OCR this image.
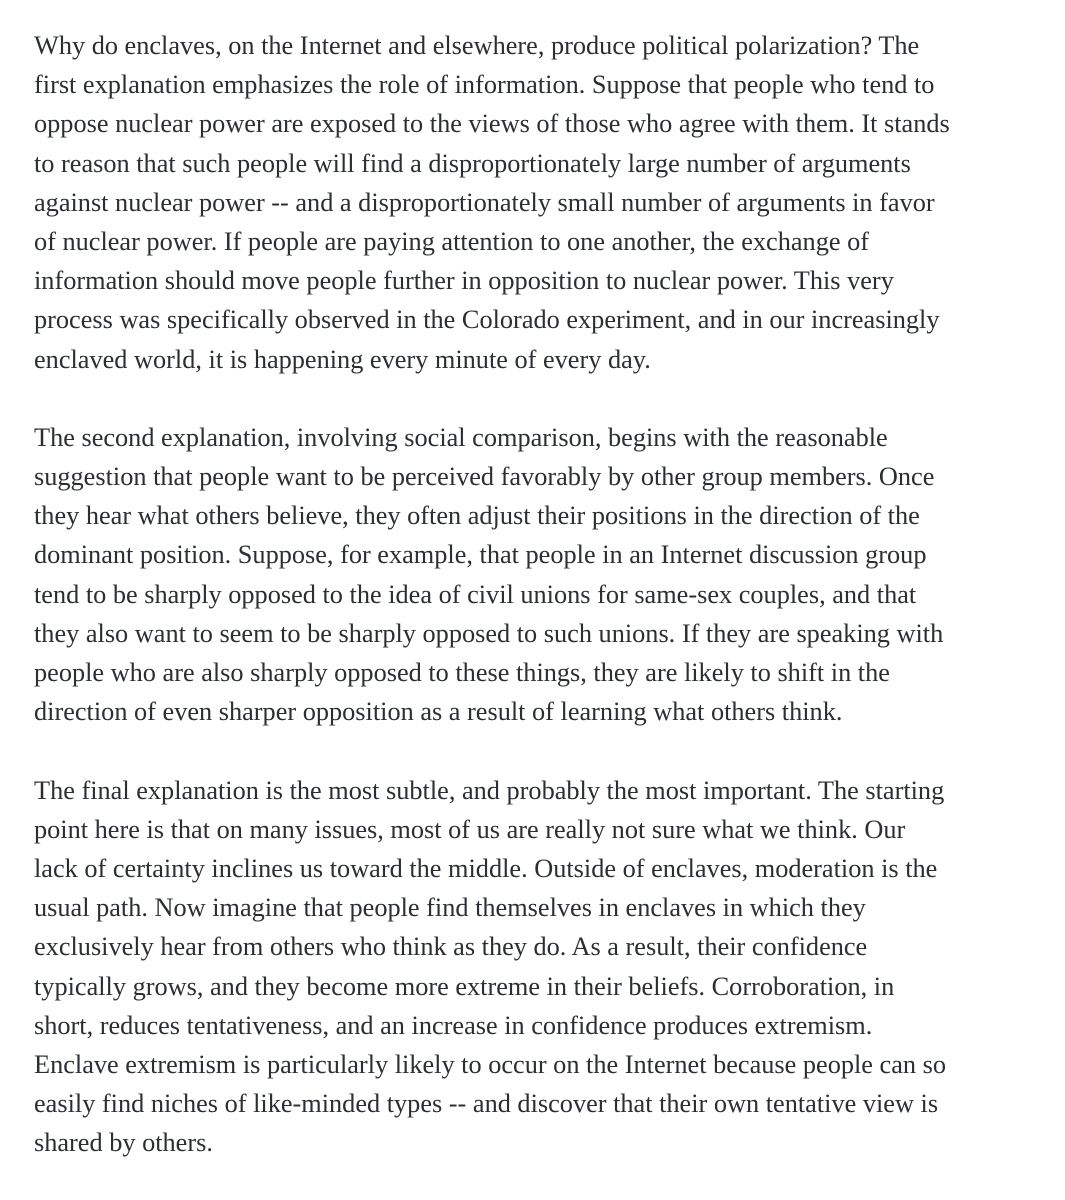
Why do enclaves, on the Internet and elsewhere, produce political polarization? The
first explanation emphasizes the role of information. Suppose that people who tend to
oppose nuclear power are exposed to the views of those who agree with them. It stands
to reason that such people will find a disproportionately large number of arguments
against nuclear power -- and a disproportionately small number of arguments in favor
of nuclear power. If people are paying attention to one another, the exchange of
information should move people further in opposition to nuclear power. This very
process was specifically observed in the Colorado experiment, and in our increasingly
enclaved world, it is happening every minute of every day.
The second explanation, involving social comparison, begins with the reasonable
suggestion that people want to be perceived favorably by other group members. Once
they hear what others believe, they often adjust their positions in the direction of the
dominant position. Suppose, for example, that people in an Internet discussion group
tend to be sharply opposed to the idea of civil unions for same-sex couples, and that
they also want to seem to be sharply opposed to such unions. If they are speaking with
people who are also sharply opposed to these things, they are likely to shift in the
direction of even sharper opposition as a result of learning what others think.
The final explanation is the most subtle, and probably the most important. The starting
point here is that on many issues, most of us are really not sure what we think. Our
lack of certainty inclines us toward the middle. Outside of enclaves, moderation is the
usual path. Now imagine that people find themselves in enclaves in which they
exclusively hear from others who think as they do. As a result, their confidence
typically grows, and they become more extreme in their beliefs. Corroboration, in
short, reduces tentativeness, and an increase in confidence produces extremism.
Enclave extremism is particularly likely to occur on the Internet because people can so
easily find niches of like-minded types -- and discover that their own tentative view is
shared by others.
